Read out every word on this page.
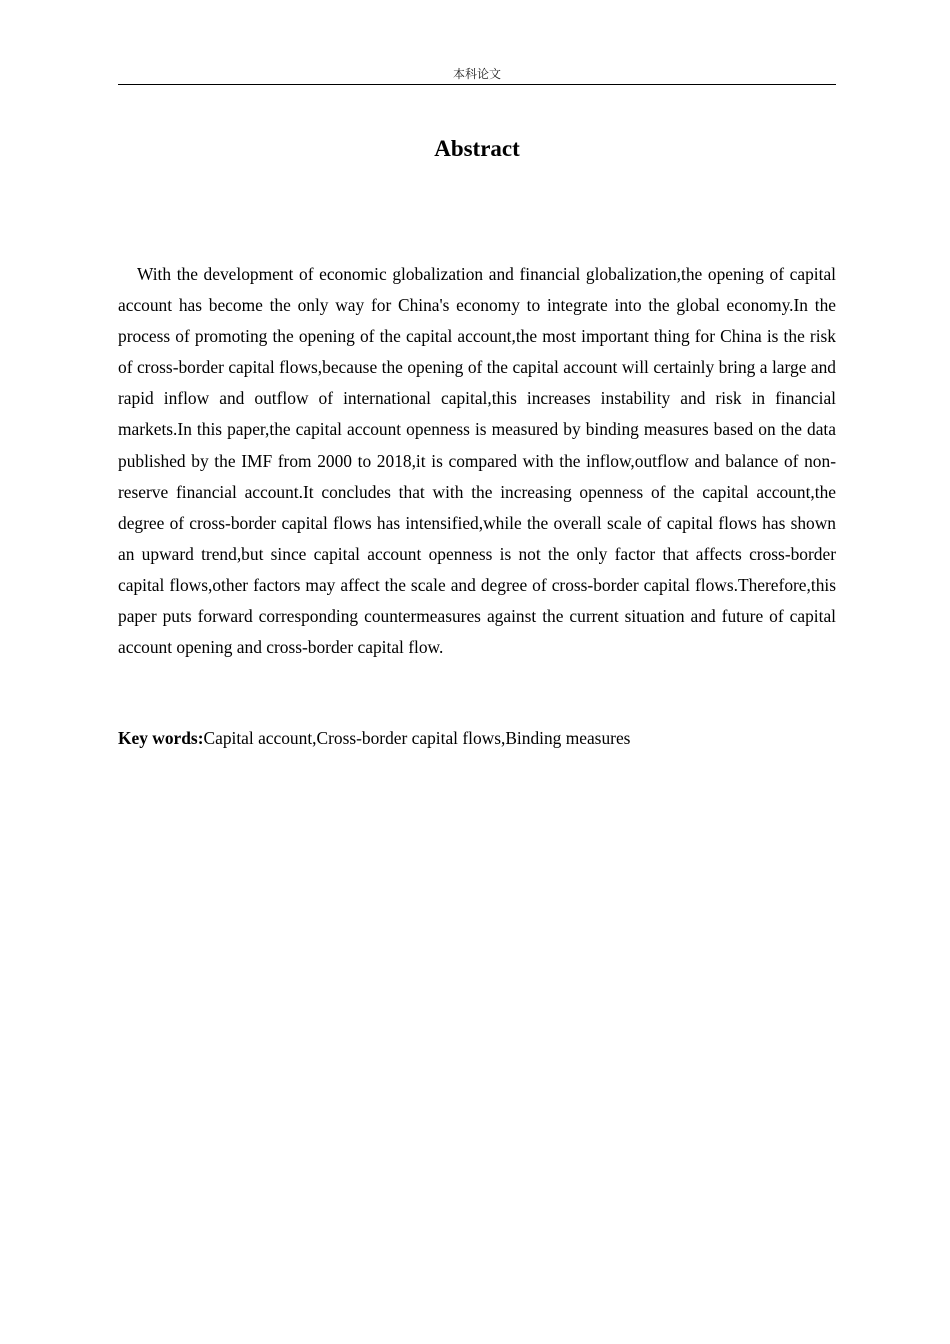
本科论文
Abstract

With the development of economic globalization and financial globalization,the opening of capital account has become the only way for China's economy to integrate into the global economy.In the process of promoting the opening of the capital account,the most important thing for China is the risk of cross-border capital flows,because the opening of the capital account will certainly bring a large and rapid inflow and outflow of international capital,this increases instability and risk in financial markets.In this paper,the capital account openness is measured by binding measures based on the data published by the IMF from 2000 to 2018,it is compared with the inflow,outflow and balance of non-reserve financial account.It concludes that with the increasing openness of the capital account,the degree of cross-border capital flows has intensified,while the overall scale of capital flows has shown an upward trend,but since capital account openness is not the only factor that affects cross-border capital flows,other factors may affect the scale and degree of cross-border capital flows.Therefore,this paper puts forward corresponding countermeasures against the current situation and future of capital account opening and cross-border capital flow.

Key words:Capital account,Cross-border capital flows,Binding measures
